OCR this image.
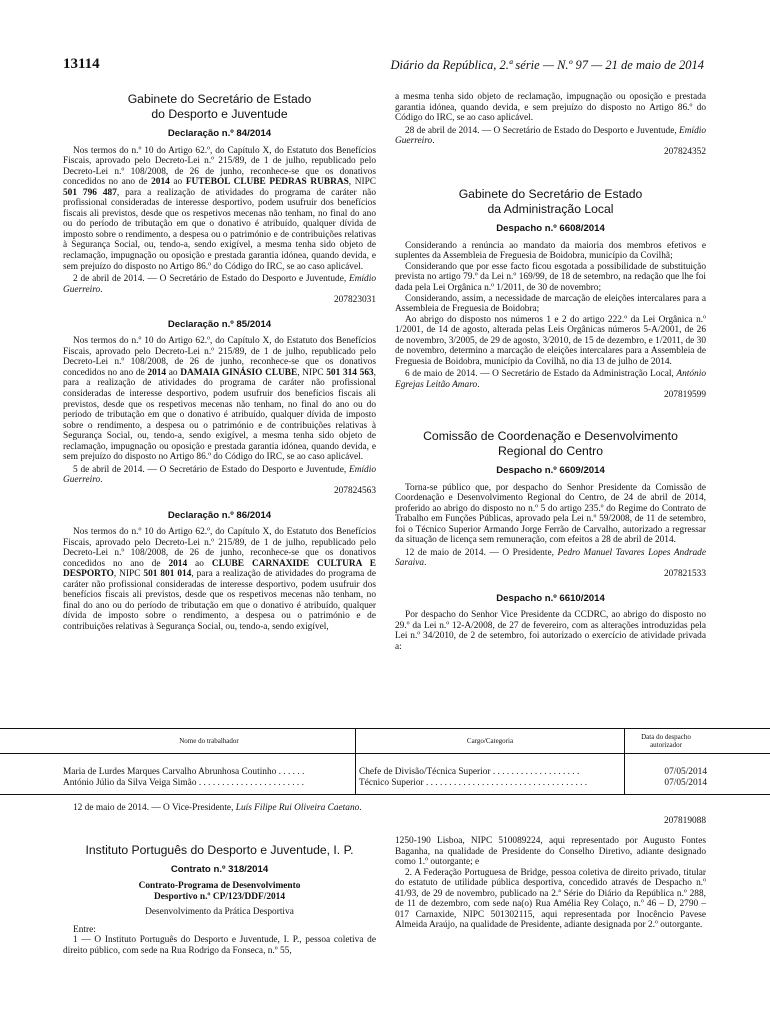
13114	Diário da República, 2.ª série — N.º 97 — 21 de maio de 2014
Gabinete do Secretário de Estado
do Desporto e Juventude
Declaração n.º 84/2014

Nos termos do n.º 10 do Artigo 62.º, do Capítulo X, do Estatuto dos Benefícios Fiscais, aprovado pelo Decreto-Lei n.º 215/89, de 1 de julho, republicado pelo Decreto-Lei n.º 108/2008, de 26 de junho, reconhece-se que os donativos concedidos no ano de 2014 ao FUTEBOL CLUBE PEDRAS RUBRAS, NIPC 501 796 487, para a realização de atividades do programa de caráter não profissional consideradas de interesse desportivo, podem usufruir dos benefícios fiscais ali previstos, desde que os respetivos mecenas não tenham, no final do ano ou do período de tributação em que o donativo é atribuído, qualquer dívida de imposto sobre o rendimento, a despesa ou o património e de contribuições relativas à Segurança Social, ou, tendo-a, sendo exigível, a mesma tenha sido objeto de reclamação, impugnação ou oposição e prestada garantia idónea, quando devida, e sem prejuízo do disposto no Artigo 86.º do Código do IRC, se ao caso aplicável.

2 de abril de 2014. — O Secretário de Estado do Desporto e Juventude, Emídio Guerreiro.

207823031
Declaração n.º 85/2014

Nos termos do n.º 10 do Artigo 62.º, do Capítulo X, do Estatuto dos Benefícios Fiscais, aprovado pelo Decreto-Lei n.º 215/89, de 1 de julho, republicado pelo Decreto-Lei n.º 108/2008, de 26 de junho, reconhece-se que os donativos concedidos no ano de 2014 ao DAMAIA GINÁSIO CLUBE, NIPC 501 314 563, para a realização de atividades do programa de caráter não profissional consideradas de interesse desportivo, podem usufruir dos benefícios fiscais ali previstos, desde que os respetivos mecenas não tenham, no final do ano ou do período de tributação em que o donativo é atribuído, qualquer dívida de imposto sobre o rendimento, a despesa ou o património e de contribuições relativas à Segurança Social, ou, tendo-a, sendo exigível, a mesma tenha sido objeto de reclamação, impugnação ou oposição e prestada garantia idónea, quando devida, e sem prejuízo do disposto no Artigo 86.º do Código do IRC, se ao caso aplicável.

5 de abril de 2014. — O Secretário de Estado do Desporto e Juventude, Emídio Guerreiro.

207824563
Declaração n.º 86/2014

Nos termos do n.º 10 do Artigo 62.º, do Capítulo X, do Estatuto dos Benefícios Fiscais, aprovado pelo Decreto-Lei n.º 215/89, de 1 de julho, republicado pelo Decreto-Lei n.º 108/2008, de 26 de junho, reconhece-se que os donativos concedidos no ano de 2014 ao CLUBE CARNAXIDE CULTURA E DESPORTO, NIPC 501 801 014, para a realização de atividades do programa de caráter não profissional consideradas de interesse desportivo, podem usufruir dos benefícios fiscais ali previstos, desde que os respetivos mecenas não tenham, no final do ano ou do período de tributação em que o donativo é atribuído, qualquer dívida de imposto sobre o rendimento, a despesa ou o património e de contribuições relativas à Segurança Social, ou, tendo-a, sendo exigível,

a mesma tenha sido objeto de reclamação, impugnação ou oposição e prestada garantia idónea, quando devida, e sem prejuízo do disposto no Artigo 86.º do Código do IRC, se ao caso aplicável.

28 de abril de 2014. — O Secretário de Estado do Desporto e Juventude, Emídio Guerreiro.

207824352
Gabinete do Secretário de Estado
da Administração Local
Despacho n.º 6608/2014

Considerando a renúncia ao mandato da maioria dos membros efetivos e suplentes da Assembleia de Freguesia de Boidobra, município da Covilhã;

Considerando que por esse facto ficou esgotada a possibilidade de substituição prevista no artigo 79.º da Lei n.º 169/99, de 18 de setembro, na redação que lhe foi dada pela Lei Orgânica n.º 1/2011, de 30 de novembro;

Considerando, assim, a necessidade de marcação de eleições intercalares para a Assembleia de Freguesia de Boidobra;

Ao abrigo do disposto nos números 1 e 2 do artigo 222.º da Lei Orgânica n.º 1/2001, de 14 de agosto, alterada pelas Leis Orgânicas números 5-A/2001, de 26 de novembro, 3/2005, de 29 de agosto, 3/2010, de 15 de dezembro, e 1/2011, de 30 de novembro, determino a marcação de eleições intercalares para a Assembleia de Freguesia de Boidobra, município da Covilhã, no dia 13 de julho de 2014.

6 de maio de 2014. — O Secretário de Estado da Administração Local, António Egrejas Leitão Amaro.

207819599
Comissão de Coordenação e Desenvolvimento
Regional do Centro
Despacho n.º 6609/2014

Torna-se público que, por despacho do Senhor Presidente da Comissão de Coordenação e Desenvolvimento Regional do Centro, de 24 de abril de 2014, proferido ao abrigo do disposto no n.º 5 do artigo 235.º do Regime do Contrato de Trabalho em Funções Públicas, aprovado pela Lei n.º 59/2008, de 11 de setembro, foi o Técnico Superior Armando Jorge Ferrão de Carvalho, autorizado a regressar da situação de licença sem remuneração, com efeitos a 28 de abril de 2014.

12 de maio de 2014. — O Presidente, Pedro Manuel Tavares Lopes Andrade Saraiva.

207821533
Despacho n.º 6610/2014

Por despacho do Senhor Vice Presidente da CCDRC, ao abrigo do disposto no 29.º da Lei n.º 12-A/2008, de 27 de fevereiro, com as alterações introduzidas pela Lei n.º 34/2010, de 2 de setembro, foi autorizado o exercício de atividade privada a:

Nome do trabalhador	Cargo/Categoria	Data do despacho autorizador
Maria de Lurdes Marques Carvalho Abrunhosa Coutinho . . . . . .	Chefe de Divisão/Técnica Superior . . . . . . . . . . . . . . . . . . .	07/05/2014
António Júlio da Silva Veiga Simão . . . . . . . . . . . . . . . . . . . . . . .	Técnico Superior . . . . . . . . . . . . . . . . . . . . . . . . . . . . . . . . . . .	07/05/2014

12 de maio de 2014. — O Vice-Presidente, Luís Filipe Rui Oliveira Caetano.

207819088
Instituto Português do Desporto e Juventude, I. P.
Contrato n.º 318/2014
Contrato-Programa de Desenvolvimento
Desportivo n.º CP/123/DDF/2014
Desenvolvimento da Prática Desportiva

Entre:

1 — O Instituto Português do Desporto e Juventude, I. P., pessoa coletiva de direito público, com sede na Rua Rodrigo da Fonseca, n.º 55,

1250-190 Lisboa, NIPC 510089224, aqui representado por Augusto Fontes Baganha, na qualidade de Presidente do Conselho Diretivo, adiante designado como 1.º outorgante; e

2. A Federação Portuguesa de Bridge, pessoa coletiva de direito privado, titular do estatuto de utilidade pública desportiva, concedido através de Despacho n.º 41/93, de 29 de novembro, publicado na 2.ª Série do Diário da República n.º 288, de 11 de dezembro, com sede na(o) Rua Amélia Rey Colaço, n.º 46 – D, 2790 – 017 Carnaxide, NIPC 501302115, aqui representada por Inocêncio Pavese Almeida Araújo, na qualidade de Presidente, adiante designada por 2.º outorgante.
